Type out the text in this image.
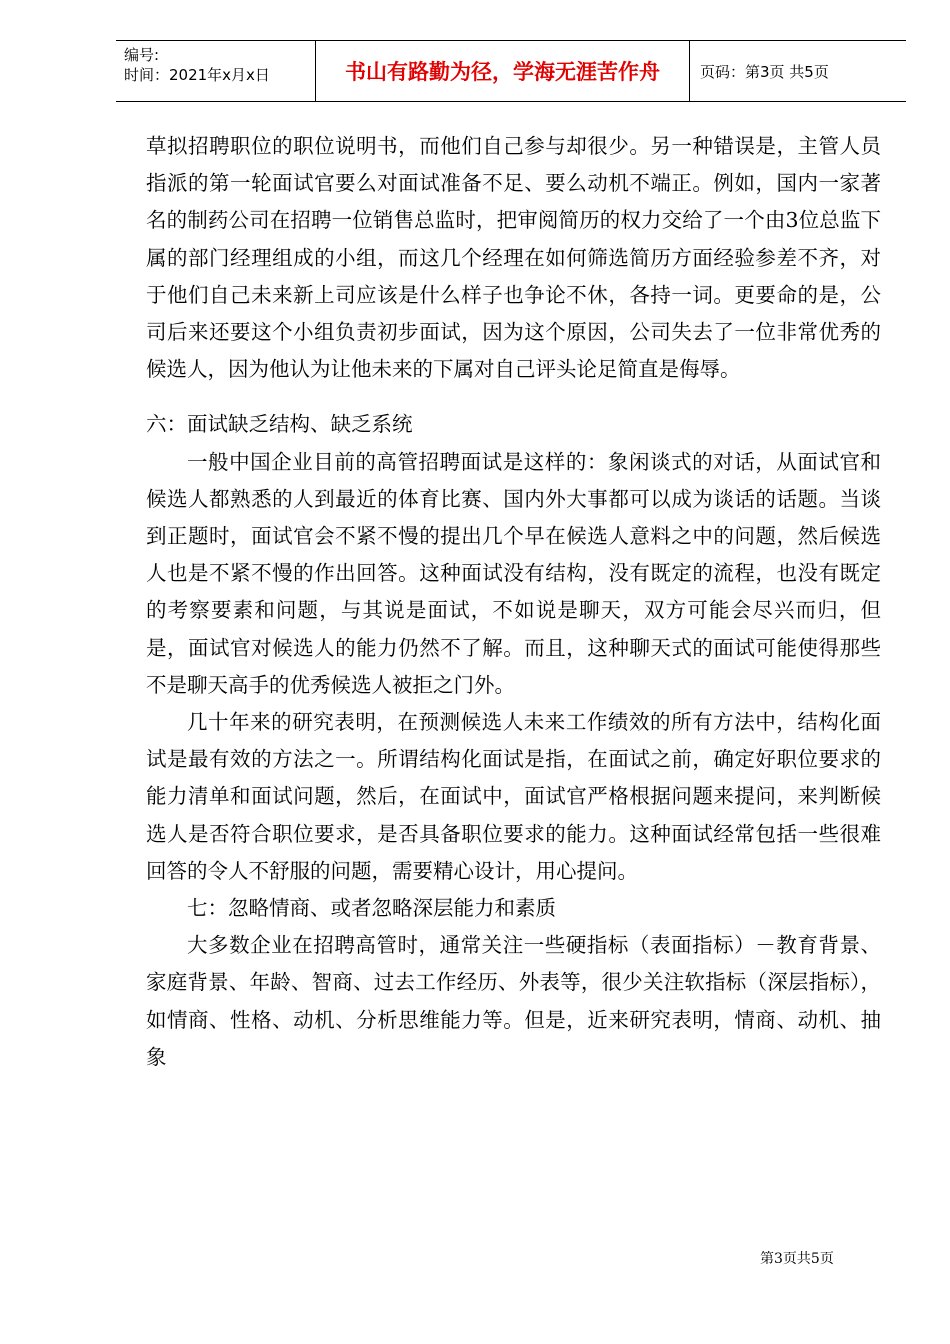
编号:
时间：2021年x月x日	书山有路勤为径，学海无涯苦作舟	页码：第3页 共5页

草拟招聘职位的职位说明书，而他们自己参与却很少。另一种错误是，主管人员指派的第一轮面试官要么对面试准备不足、要么动机不端正。例如，国内一家著名的制药公司在招聘一位销售总监时，把审阅简历的权力交给了一个由3位总监下属的部门经理组成的小组，而这几个经理在如何筛选简历方面经验参差不齐，对于他们自己未来新上司应该是什么样子也争论不休，各持一词。更要命的是，公司后来还要这个小组负责初步面试，因为这个原因，公司失去了一位非常优秀的候选人，因为他认为让他未来的下属对自己评头论足简直是侮辱。

六：面试缺乏结构、缺乏系统

一般中国企业目前的高管招聘面试是这样的：象闲谈式的对话，从面试官和候选人都熟悉的人到最近的体育比赛、国内外大事都可以成为谈话的话题。当谈到正题时，面试官会不紧不慢的提出几个早在候选人意料之中的问题，然后候选人也是不紧不慢的作出回答。这种面试没有结构，没有既定的流程，也没有既定的考察要素和问题，与其说是面试，不如说是聊天，双方可能会尽兴而归，但是，面试官对候选人的能力仍然不了解。而且，这种聊天式的面试可能使得那些不是聊天高手的优秀候选人被拒之门外。

几十年来的研究表明，在预测候选人未来工作绩效的所有方法中，结构化面试是最有效的方法之一。所谓结构化面试是指，在面试之前，确定好职位要求的能力清单和面试问题，然后，在面试中，面试官严格根据问题来提问，来判断候选人是否符合职位要求，是否具备职位要求的能力。这种面试经常包括一些很难回答的令人不舒服的问题，需要精心设计，用心提问。

七：忽略情商、或者忽略深层能力和素质

大多数企业在招聘高管时，通常关注一些硬指标（表面指标）－教育背景、家庭背景、年龄、智商、过去工作经历、外表等，很少关注软指标（深层指标），如情商、性格、动机、分析思维能力等。但是，近来研究表明，情商、动机、抽象

第3页共5页
